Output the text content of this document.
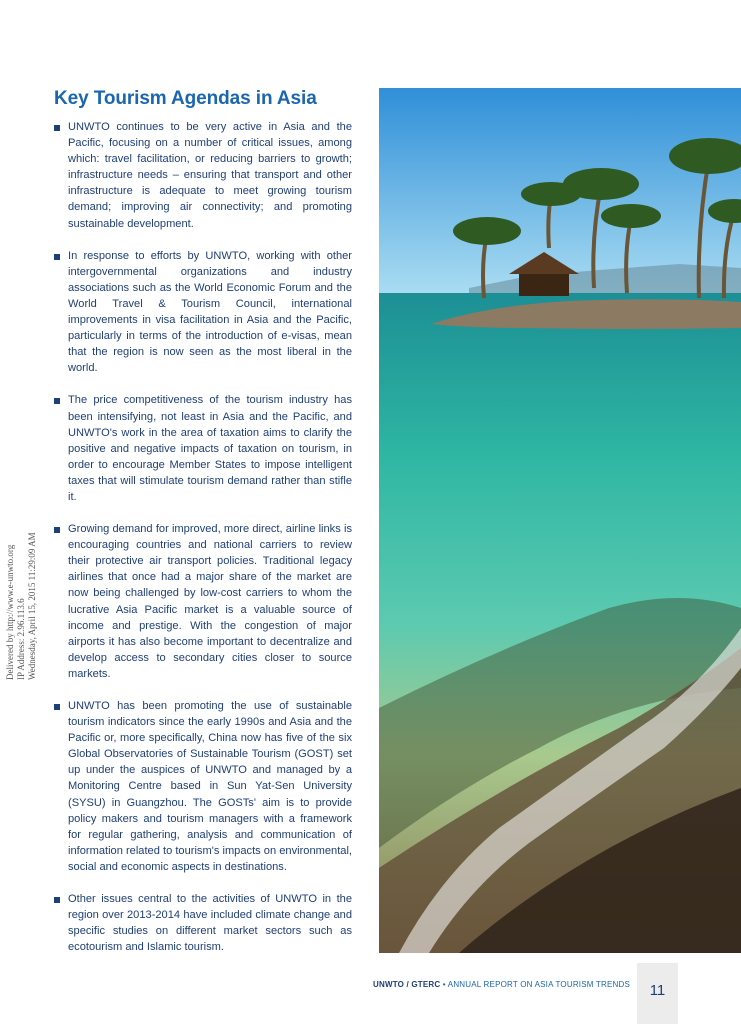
Key Tourism Agendas in Asia
UNWTO continues to be very active in Asia and the Pacific, focusing on a number of critical issues, among which: travel facilitation, or reducing barriers to growth; infrastructure needs – ensuring that transport and other infrastructure is adequate to meet growing tourism demand; improving air connectivity; and promoting sustainable development.
In response to efforts by UNWTO, working with other intergovernmental organizations and industry associations such as the World Economic Forum and the World Travel & Tourism Council, international improvements in visa facilitation in Asia and the Pacific, particularly in terms of the introduction of e-visas, mean that the region is now seen as the most liberal in the world.
The price competitiveness of the tourism industry has been intensifying, not least in Asia and the Pacific, and UNWTO's work in the area of taxation aims to clarify the positive and negative impacts of taxation on tourism, in order to encourage Member States to impose intelligent taxes that will stimulate tourism demand rather than stifle it.
Growing demand for improved, more direct, airline links is encouraging countries and national carriers to review their protective air transport policies. Traditional legacy airlines that once had a major share of the market are now being challenged by low-cost carriers to whom the lucrative Asia Pacific market is a valuable source of income and prestige. With the congestion of major airports it has also become important to decentralize and develop access to secondary cities closer to source markets.
UNWTO has been promoting the use of sustainable tourism indicators since the early 1990s and Asia and the Pacific or, more specifically, China now has five of the six Global Observatories of Sustainable Tourism (GOST) set up under the auspices of UNWTO and managed by a Monitoring Centre based in Sun Yat-Sen University (SYSU) in Guangzhou. The GOSTs' aim is to provide policy makers and tourism managers with a framework for regular gathering, analysis and communication of information related to tourism's impacts on environmental, social and economic aspects in destinations.
Other issues central to the activities of UNWTO in the region over 2013-2014 have included climate change and specific studies on different market sectors such as ecotourism and Islamic tourism.
Delivered by http://www.e-unwto.org IP Address: 2.96.113.6 Wednesday, April 15, 2015 11:29:09 AM
UNWTO / GTERC • ANNUAL REPORT ON ASIA TOURISM TRENDS	11
